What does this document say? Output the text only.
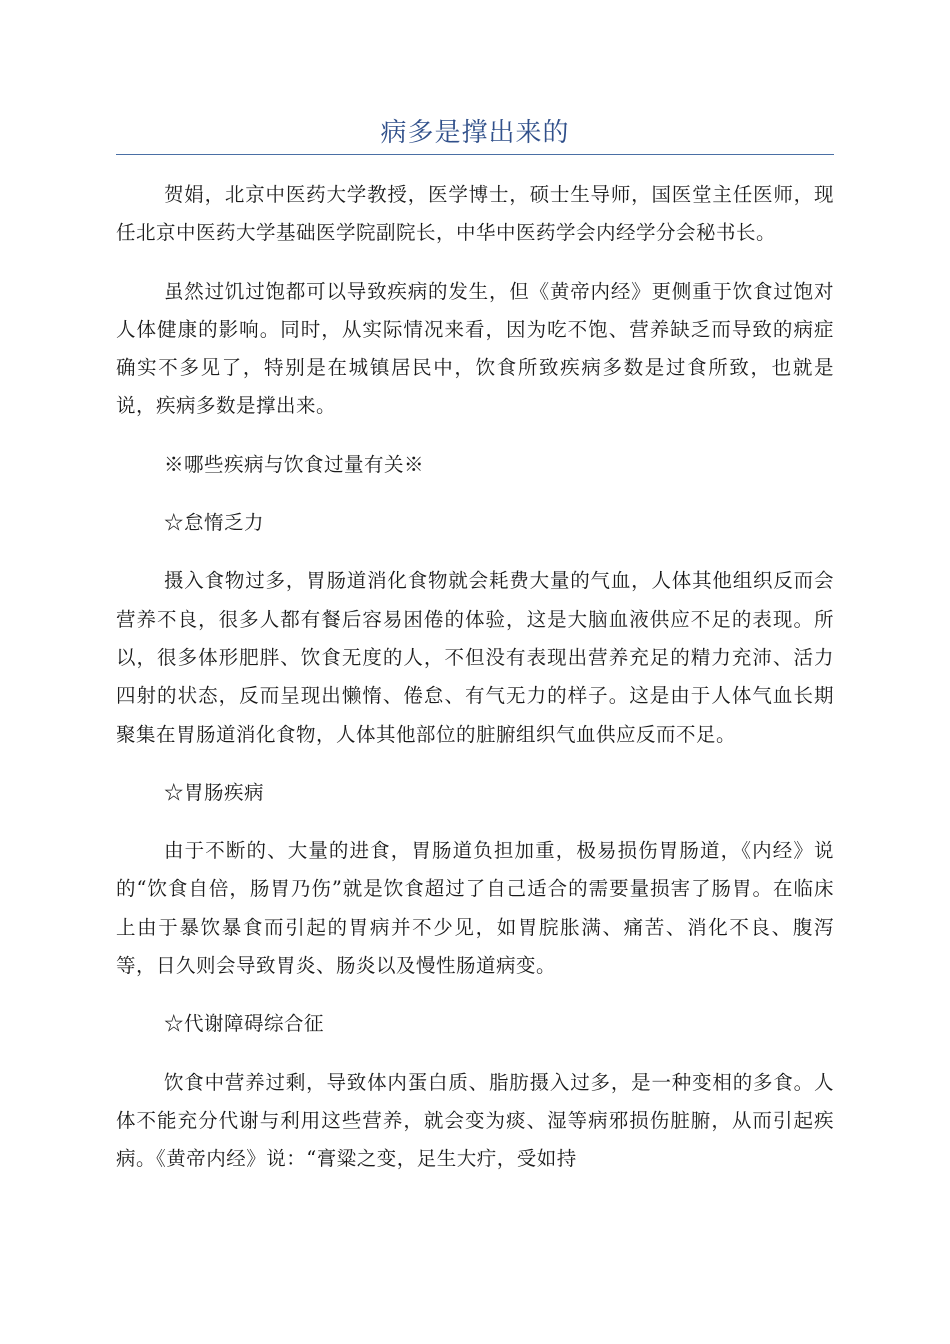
病多是撑出来的

贺娟，北京中医药大学教授，医学博士，硕士生导师，国医堂主任医师，现任北京中医药大学基础医学院副院长，中华中医药学会内经学分会秘书长。

虽然过饥过饱都可以导致疾病的发生，但《黄帝内经》更侧重于饮食过饱对人体健康的影响。同时，从实际情况来看，因为吃不饱、营养缺乏而导致的病症确实不多见了，特别是在城镇居民中，饮食所致疾病多数是过食所致，也就是说，疾病多数是撑出来。

※哪些疾病与饮食过量有关※

☆怠惰乏力

摄入食物过多，胃肠道消化食物就会耗费大量的气血，人体其他组织反而会营养不良，很多人都有餐后容易困倦的体验，这是大脑血液供应不足的表现。所以，很多体形肥胖、饮食无度的人，不但没有表现出营养充足的精力充沛、活力四射的状态，反而呈现出懒惰、倦怠、有气无力的样子。这是由于人体气血长期聚集在胃肠道消化食物，人体其他部位的脏腑组织气血供应反而不足。

☆胃肠疾病

由于不断的、大量的进食，胃肠道负担加重，极易损伤胃肠道，《内经》说的“饮食自倍，肠胃乃伤”就是饮食超过了自己适合的需要量损害了肠胃。在临床上由于暴饮暴食而引起的胃病并不少见，如胃脘胀满、痛苦、消化不良、腹泻等，日久则会导致胃炎、肠炎以及慢性肠道病变。

☆代谢障碍综合征

饮食中营养过剩，导致体内蛋白质、脂肪摄入过多，是一种变相的多食。人体不能充分代谢与利用这些营养，就会变为痰、湿等病邪损伤脏腑，从而引起疾病。《黄帝内经》说：“膏粱之变，足生大疔，受如持
